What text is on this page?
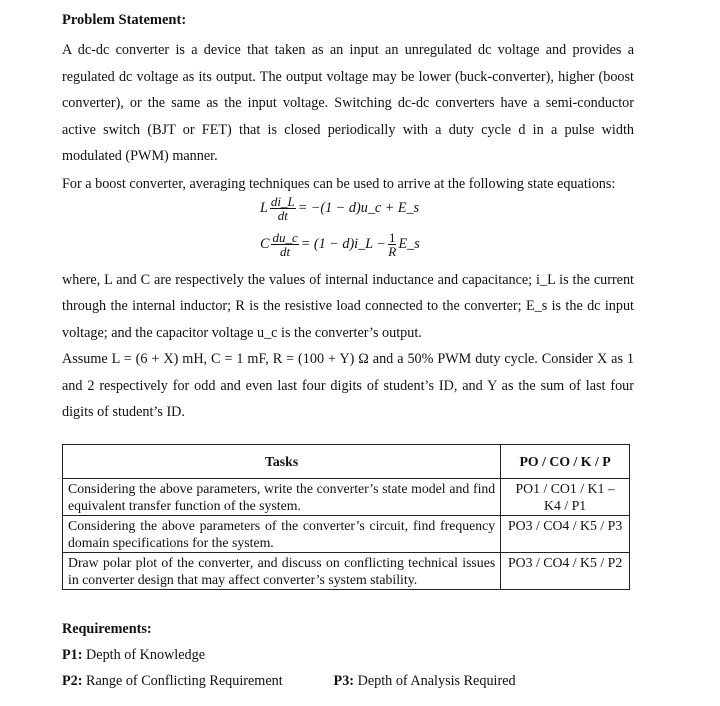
Problem Statement:

A dc-dc converter is a device that taken as an input an unregulated dc voltage and provides a regulated dc voltage as its output. The output voltage may be lower (buck-converter), higher (boost converter), or the same as the input voltage. Switching dc-dc converters have a semi-conductor active switch (BJT or FET) that is closed periodically with a duty cycle d in a pulse width modulated (PWM) manner.

For a boost converter, averaging techniques can be used to arrive at the following state equations:

L $\frac{di\_L}{dt} = -(1$ − d)u_c + E_s
C $\frac{du\_c}{dt} = (1$ − d)i_L − $\frac{1}{R}$ E_s

where, L and C are respectively the values of internal inductance and capacitance; i_L is the current through the internal inductor; R is the resistive load connected to the converter; E_s is the dc input voltage; and the capacitor voltage u_c is the converter’s output.

Assume L = (6 + X) mH, C = 1 mF, R = (100 + Y) Ω and a 50% PWM duty cycle. Consider X as 1 and 2 respectively for odd and even last four digits of student’s ID, and Y as the sum of last four digits of student’s ID.

Tasks	PO / CO / K / P
Considering the above parameters, write the converter’s state model and find equivalent transfer function of the system.	PO1 / CO1 / K1 – K4 / P1
Considering the above parameters of the converter’s circuit, find frequency domain specifications for the system.	PO3 / CO4 / K5 / P3
Draw polar plot of the converter, and discuss on conflicting technical issues in converter design that may affect converter’s system stability.	PO3 / CO4 / K5 / P2
Requirements:
P1: Depth of Knowledge
P2: Range of Conflicting Requirement	P3: Depth of Analysis Required
